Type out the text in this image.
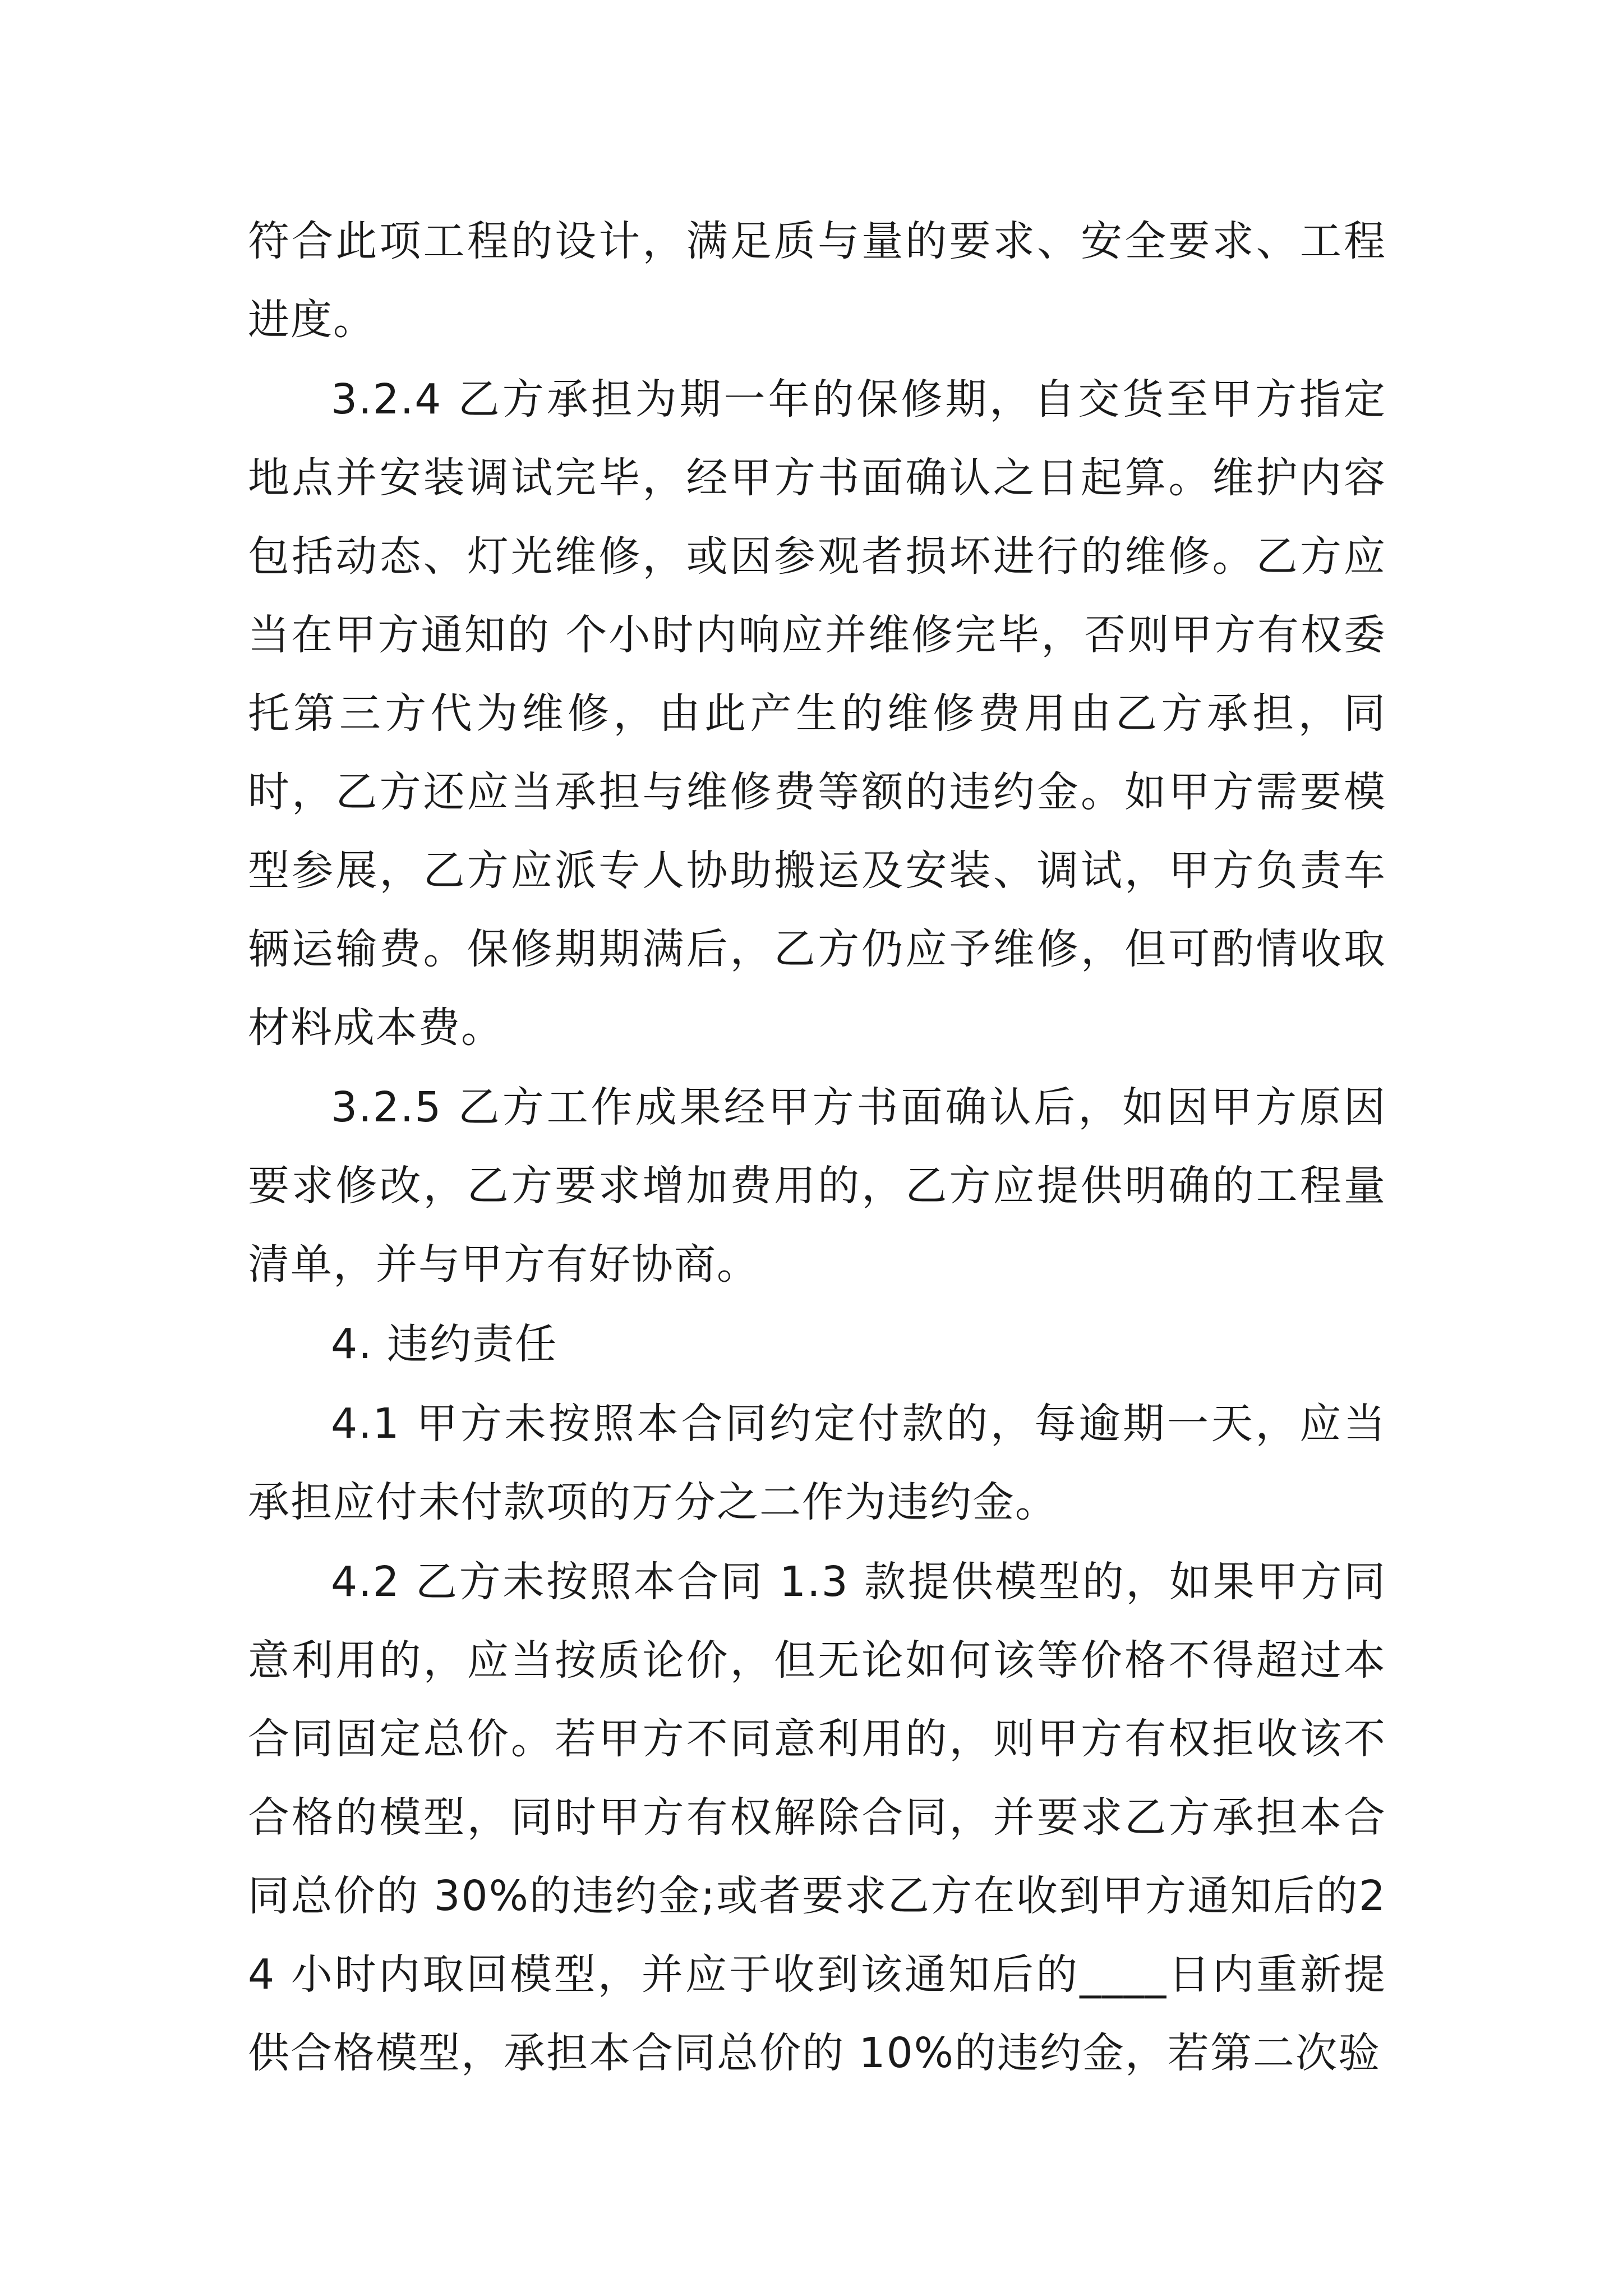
符合此项工程的设计，满足质与量的要求、安全要求、工程进度。

3.2.4 乙方承担为期一年的保修期，自交货至甲方指定地点并安装调试完毕，经甲方书面确认之日起算。维护内容包括动态、灯光维修，或因参观者损坏进行的维修。乙方应当在甲方通知的 个小时内响应并维修完毕，否则甲方有权委托第三方代为维修，由此产生的维修费用由乙方承担，同时，乙方还应当承担与维修费等额的违约金。如甲方需要模型参展，乙方应派专人协助搬运及安装、调试，甲方负责车辆运输费。保修期期满后，乙方仍应予维修，但可酌情收取材料成本费。

3.2.5 乙方工作成果经甲方书面确认后，如因甲方原因要求修改，乙方要求增加费用的，乙方应提供明确的工程量清单，并与甲方有好协商。

4. 违约责任

4.1 甲方未按照本合同约定付款的，每逾期一天，应当承担应付未付款项的万分之二作为违约金。

4.2 乙方未按照本合同 1.3 款提供模型的，如果甲方同意利用的，应当按质论价，但无论如何该等价格不得超过本合同固定总价。若甲方不同意利用的，则甲方有权拒收该不合格的模型，同时甲方有权解除合同，并要求乙方承担本合同总价的 30%的违约金;或者要求乙方在收到甲方通知后的24 小时内取回模型，并应于收到该通知后的____日内重新提供合格模型，承担本合同总价的 10%的违约金，若第二次验
